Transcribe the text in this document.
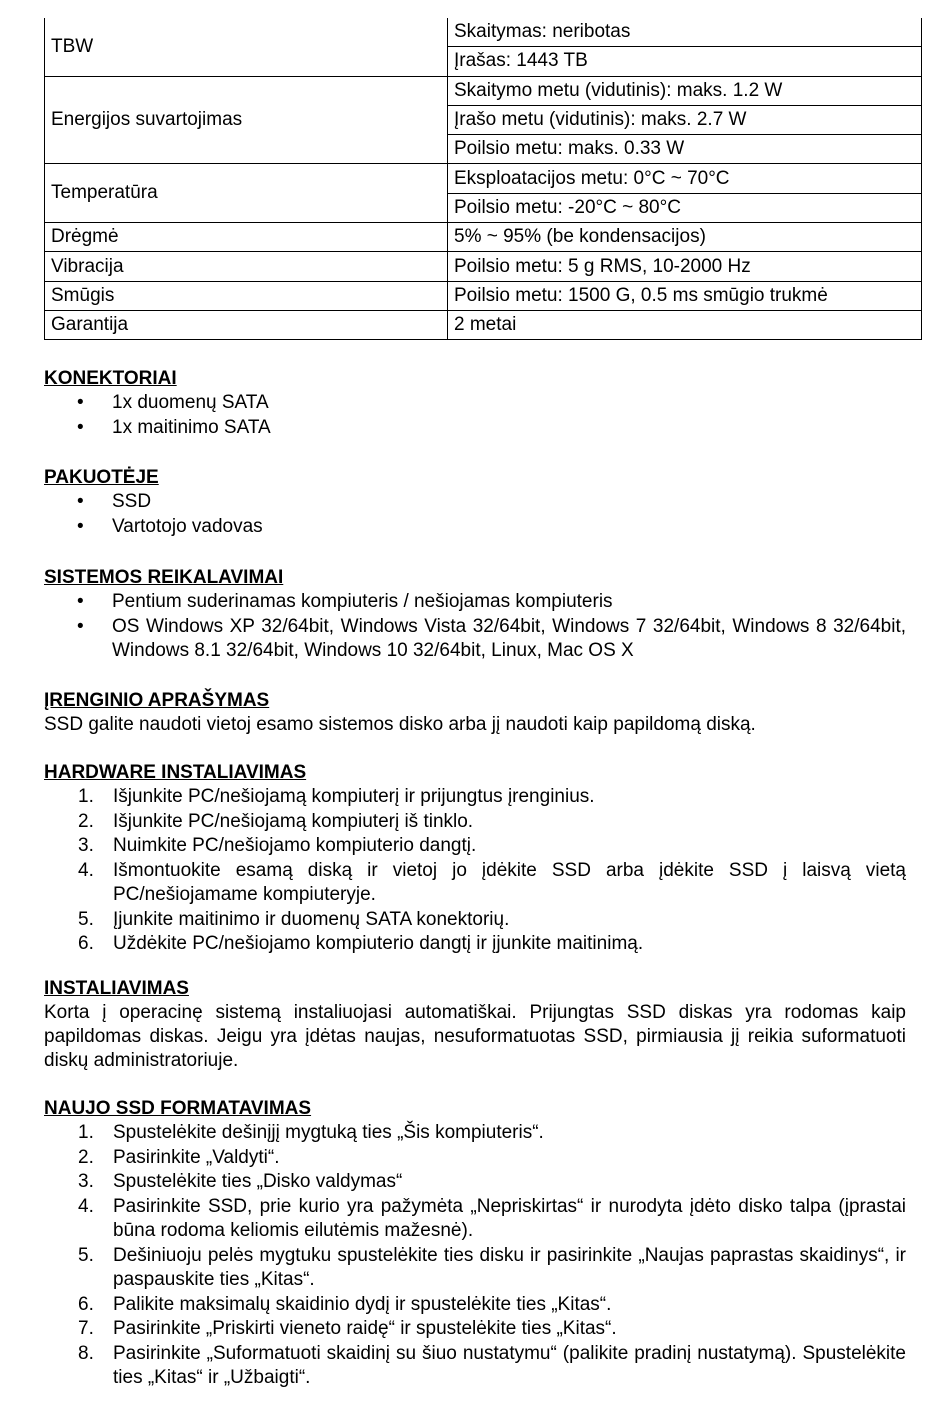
TBW	Skaitymas: neribotas
	Įrašas: 1443 TB
Energijos suvartojimas	Skaitymo metu (vidutinis): maks. 1.2 W
	Įrašo metu (vidutinis): maks. 2.7 W
	Poilsio metu: maks. 0.33 W
Temperatūra	Eksploatacijos metu: 0°C ~ 70°C
	Poilsio metu: -20°C ~ 80°C
Drėgmė	5% ~ 95% (be kondensacijos)
Vibracija	Poilsio metu: 5 g RMS, 10-2000 Hz
Smūgis	Poilsio metu: 1500 G, 0.5 ms smūgio trukmė
Garantija	2 metai
KONEKTORIAI
• 1x duomenų SATA
• 1x maitinimo SATA
PAKUOTĖJE
• SSD
• Vartotojo vadovas
SISTEMOS REIKALAVIMAI
• Pentium suderinamas kompiuteris / nešiojamas kompiuteris
• OS Windows XP 32/64bit, Windows Vista 32/64bit, Windows 7 32/64bit, Windows 8 32/64bit, Windows 8.1 32/64bit, Windows 10 32/64bit, Linux, Mac OS X
ĮRENGINIO APRAŠYMAS
SSD galite naudoti vietoj esamo sistemos disko arba jį naudoti kaip papildomą diską.
HARDWARE INSTALIAVIMAS
1. Išjunkite PC/nešiojamą kompiuterį ir prijungtus įrenginius.
2. Išjunkite PC/nešiojamą kompiuterį iš tinklo.
3. Nuimkite PC/nešiojamo kompiuterio dangtį.
4. Išmontuokite esamą diską ir vietoj jo įdėkite SSD arba įdėkite SSD į laisvą vietą PC/nešiojamame kompiuteryje.
5. Įjunkite maitinimo ir duomenų SATA konektorių.
6. Uždėkite PC/nešiojamo kompiuterio dangtį ir įjunkite maitinimą.
INSTALIAVIMAS
Korta į operacinę sistemą instaliuojasi automatiškai. Prijungtas SSD diskas yra rodomas kaip papildomas diskas. Jeigu yra įdėtas naujas, nesuformatuotas SSD, pirmiausia jį reikia suformatuoti diskų administratoriuje.
NAUJO SSD FORMATAVIMAS
1. Spustelėkite dešinįjį mygtuką ties „Šis kompiuteris“.
2. Pasirinkite „Valdyti“.
3. Spustelėkite ties „Disko valdymas“
4. Pasirinkite SSD, prie kurio yra pažymėta „Nepriskirtas“ ir nurodyta įdėto disko talpa (įprastai būna rodoma keliomis eilutėmis mažesnė).
5. Dešiniuoju pelės mygtuku spustelėkite ties disku ir pasirinkite „Naujas paprastas skaidinys“, ir paspauskite ties „Kitas“.
6. Palikite maksimalų skaidinio dydį ir spustelėkite ties „Kitas“.
7. Pasirinkite „Priskirti vieneto raidę“ ir spustelėkite ties „Kitas“.
8. Pasirinkite „Suformatuoti skaidinį su šiuo nustatymu“ (palikite pradinį nustatymą). Spustelėkite ties „Kitas“ ir „Užbaigti“.
